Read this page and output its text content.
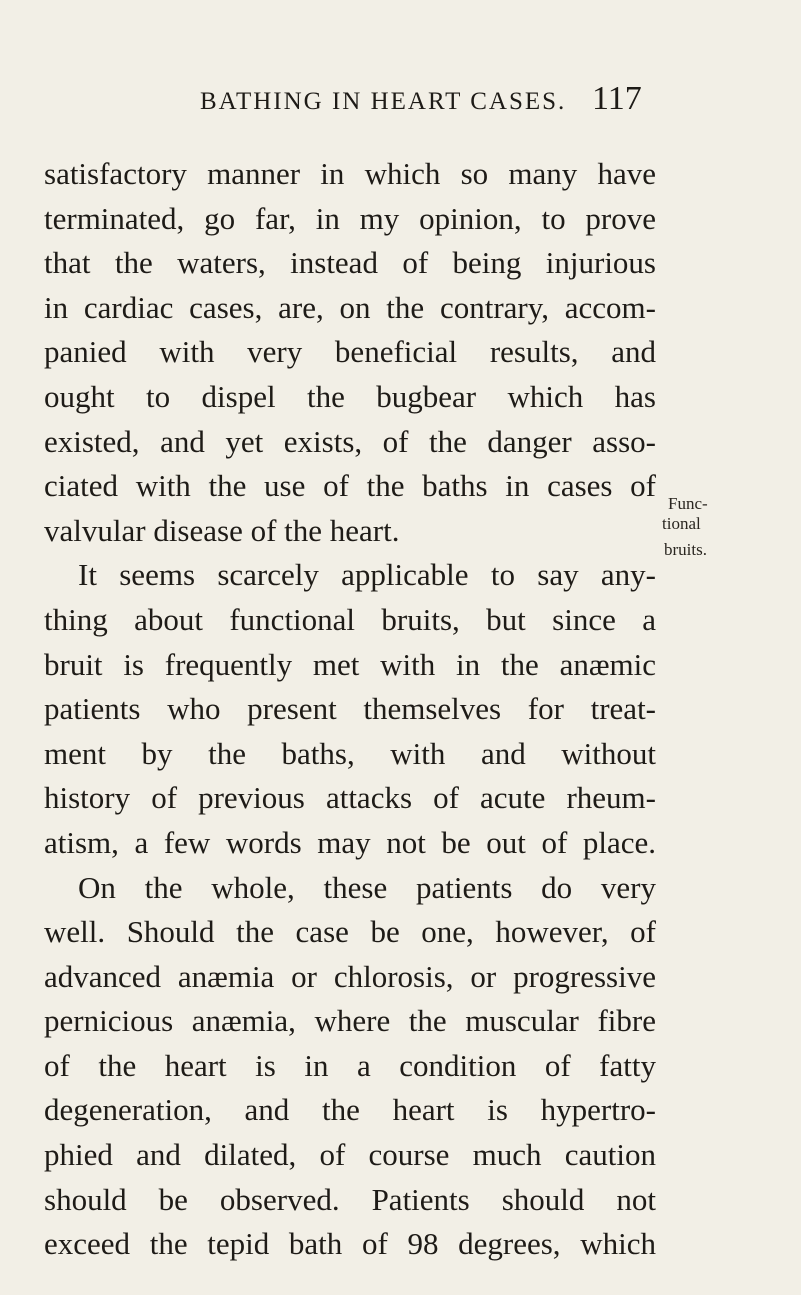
BATHING IN HEART CASES. 117
satisfactory manner in which so many have
terminated, go far, in my opinion, to prove
that the waters, instead of being injurious
in cardiac cases, are, on the contrary, accom-
panied with very beneficial results, and
ought to dispel the bugbear which has
existed, and yet exists, of the danger asso-
ciated with the use of the baths in cases of
valvular disease of the heart.
It seems scarcely applicable to say any-
thing about functional bruits, but since a
bruit is frequently met with in the anæmic
patients who present themselves for treat-
ment by the baths, with and without
history of previous attacks of acute rheum-
atism, a few words may not be out of place.
On the whole, these patients do very
well. Should the case be one, however, of
advanced anæmia or chlorosis, or progressive
pernicious anæmia, where the muscular fibre
of the heart is in a condition of fatty
degeneration, and the heart is hypertro-
phied and dilated, of course much caution
should be observed. Patients should not
exceed the tepid bath of 98 degrees, which
Func-
tional
bruits.
